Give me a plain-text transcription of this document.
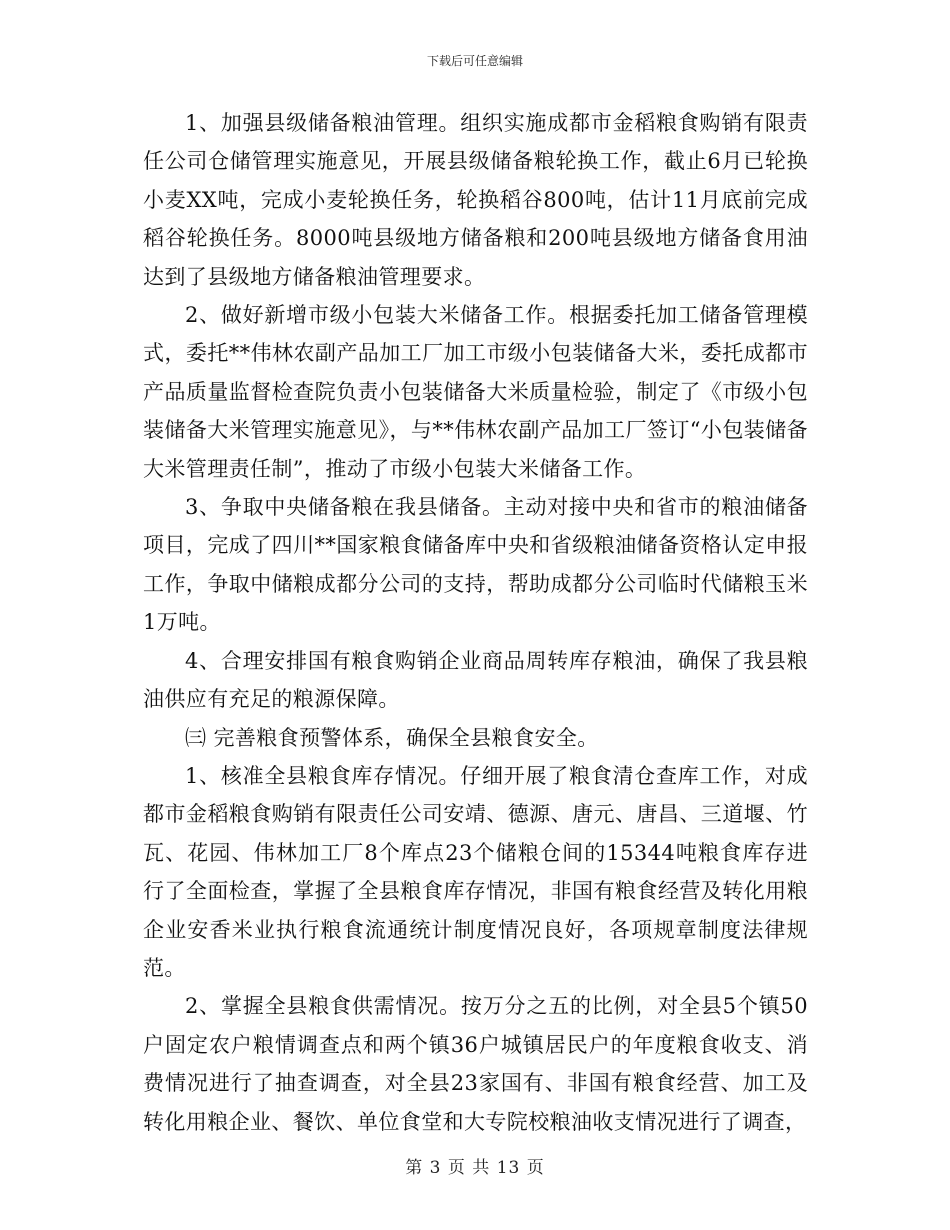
下载后可任意编辑

1、加强县级储备粮油管理。组织实施成都市金稻粮食购销有限责任公司仓储管理实施意见，开展县级储备粮轮换工作，截止6月已轮换小麦XX吨，完成小麦轮换任务，轮换稻谷800吨，估计11月底前完成稻谷轮换任务。8000吨县级地方储备粮和200吨县级地方储备食用油达到了县级地方储备粮油管理要求。

2、做好新增市级小包装大米储备工作。根据委托加工储备管理模式，委托**伟林农副产品加工厂加工市级小包装储备大米，委托成都市产品质量监督检查院负责小包装储备大米质量检验，制定了《市级小包装储备大米管理实施意见》，与**伟林农副产品加工厂签订“小包装储备大米管理责任制”，推动了市级小包装大米储备工作。

3、争取中央储备粮在我县储备。主动对接中央和省市的粮油储备项目，完成了四川**国家粮食储备库中央和省级粮油储备资格认定申报工作，争取中储粮成都分公司的支持，帮助成都分公司临时代储粮玉米1万吨。

4、合理安排国有粮食购销企业商品周转库存粮油，确保了我县粮油供应有充足的粮源保障。

㈢ 完善粮食预警体系，确保全县粮食安全。

1、核准全县粮食库存情况。仔细开展了粮食清仓查库工作，对成都市金稻粮食购销有限责任公司安靖、德源、唐元、唐昌、三道堰、竹瓦、花园、伟林加工厂8个库点23个储粮仓间的15344吨粮食库存进行了全面检查，掌握了全县粮食库存情况，非国有粮食经营及转化用粮企业安香米业执行粮食流通统计制度情况良好，各项规章制度法律规范。

2、掌握全县粮食供需情况。按万分之五的比例，对全县5个镇50户固定农户粮情调查点和两个镇36户城镇居民户的年度粮食收支、消费情况进行了抽查调查，对全县23家国有、非国有粮食经营、加工及转化用粮企业、餐饮、单位食堂和大专院校粮油收支情况进行了调查，

第 3 页 共 13 页
